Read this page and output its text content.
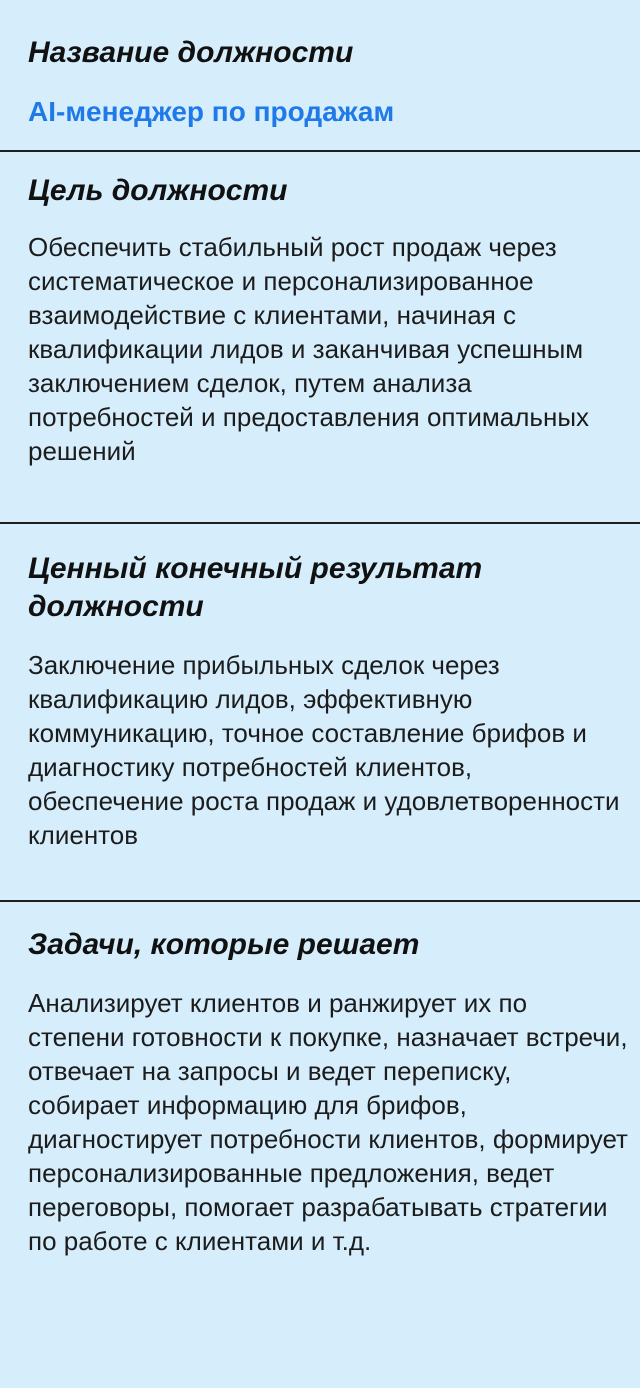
Название должности

AI-менеджер по продажам

Цель должности

Обеспечить стабильный рост продаж через систематическое и персонализированное взаимодействие с клиентами, начиная с квалификации лидов и заканчивая успешным заключением сделок, путем анализа потребностей и предоставления оптимальных решений

Ценный конечный результат должности

Заключение прибыльных сделок через квалификацию лидов, эффективную коммуникацию, точное составление брифов и диагностику потребностей клиентов, обеспечение роста продаж и удовлетворенности клиентов

Задачи, которые решает

Анализирует клиентов и ранжирует их по степени готовности к покупке, назначает встречи, отвечает на запросы и ведет переписку, собирает информацию для брифов, диагностирует потребности клиентов, формирует персонализированные предложения, ведет переговоры, помогает разрабатывать стратегии по работе с клиентами и т.д.
